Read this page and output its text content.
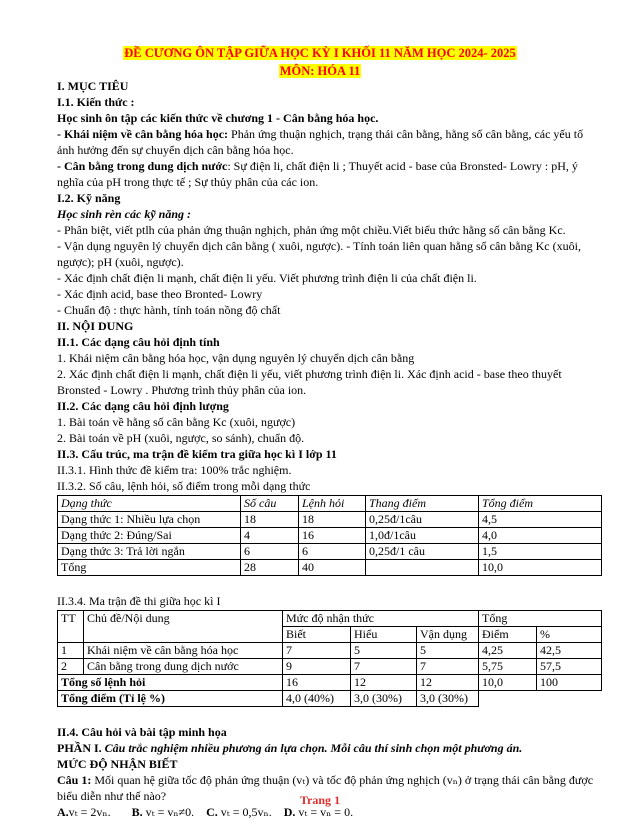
ĐỀ CƯƠNG ÔN TẬP GIỮA HỌC KỲ I KHỐI 11 NĂM HỌC 2024- 2025
MÔN: HÓA 11
I. MỤC TIÊU
I.1. Kiến thức :
Học sinh ôn tập các kiến thức về chương 1 - Cân bằng hóa học.
- Khái niệm về cân bằng hóa học: Phản ứng thuận nghịch, trạng thái cân bằng, hằng số cân bằng, các yếu tố ảnh hưởng đến sự chuyển dịch cân bằng hóa học.
- Cân bằng trong dung dịch nước: Sự điện li, chất điện li ; Thuyết acid - base của Bronsted- Lowry : pH, ý nghĩa của pH trong thực tế ; Sự thủy phân của các ion.
I.2. Kỹ năng
Học sinh rèn các kỹ năng :
- Phân biệt, viết ptlh của phản ứng thuận nghịch, phản ứng một chiều.Viết biểu thức hằng số cân bằng Kc.
- Vận dụng nguyên lý chuyển dịch cân bằng ( xuôi, ngược). - Tính toán liên quan hằng số cân bằng Kc (xuôi, ngược); pH (xuôi, ngược).
- Xác định chất điện li mạnh, chất điện li yếu. Viết phương trình điện li của chất điện li.
- Xác định acid, base theo Bronted- Lowry
- Chuẩn độ : thực hành, tính toán nồng độ chất
II. NỘI DUNG
II.1. Các dạng câu hỏi định tính
1. Khái niệm cân bằng hóa học, vận dụng nguyên lý chuyển dịch cân bằng
2. Xác định chất điện li mạnh, chất điện li yếu, viết phương trình điện li. Xác định acid - base theo thuyết Bronsted - Lowry . Phương trình thủy phân của ion.
II.2. Các dạng câu hỏi định lượng
1. Bài toán về hằng số cân bằng Kc (xuôi, ngược)
2. Bài toán về pH (xuôi, ngược, so sánh), chuẩn độ.
II.3. Cấu trúc, ma trận đề kiểm tra giữa học kì I lớp 11
II.3.1. Hình thức đề kiểm tra: 100% trắc nghiệm.
II.3.2. Số câu, lệnh hỏi, số điểm trong mỗi dạng thức
Dạng thức	Số câu	Lệnh hỏi	Thang điểm	Tổng điểm
Dạng thức 1: Nhiều lựa chọn	18	18	0,25đ/1câu	4,5
Dạng thức 2: Đúng/Sai	4	16	1,0đ/1câu	4,0
Dạng thức 3: Trả lời ngắn	6	6	0,25đ/1 câu	1,5
Tổng	28	40		10,0
II.3.4. Ma trận đề thi giữa học kì I
TT	Chủ đề/Nội dung	Mức độ nhận thức			Tổng	
		Biết	Hiểu	Vận dụng	Điểm	%
1	Khái niệm về cân bằng hóa học	7	5	5	4,25	42,5
2	Cân bằng trong dung dịch nước	9	7	7	5,75	57,5
Tổng số lệnh hỏi		16	12	12	10,0	100
Tổng điểm (Tỉ lệ %)		4,0 (40%)	3,0 (30%)	3,0 (30%)		
II.4. Câu hỏi và bài tập minh họa
PHẦN I. Câu trắc nghiệm nhiều phương án lựa chọn. Mỗi câu thí sinh chọn một phương án.
MỨC ĐỘ NHẬN BIẾT
Câu 1: Mối quan hệ giữa tốc độ phản ứng thuận (vₜ) và tốc độ phản ứng nghịch (vₙ) ở trạng thái cân bằng được biểu diễn như thế nào?
A.vₜ = 2vₙ. B. vₜ = vₙ≠0. C. vₜ = 0,5vₙ. D. vₜ = vₙ = 0.
Trang 1
